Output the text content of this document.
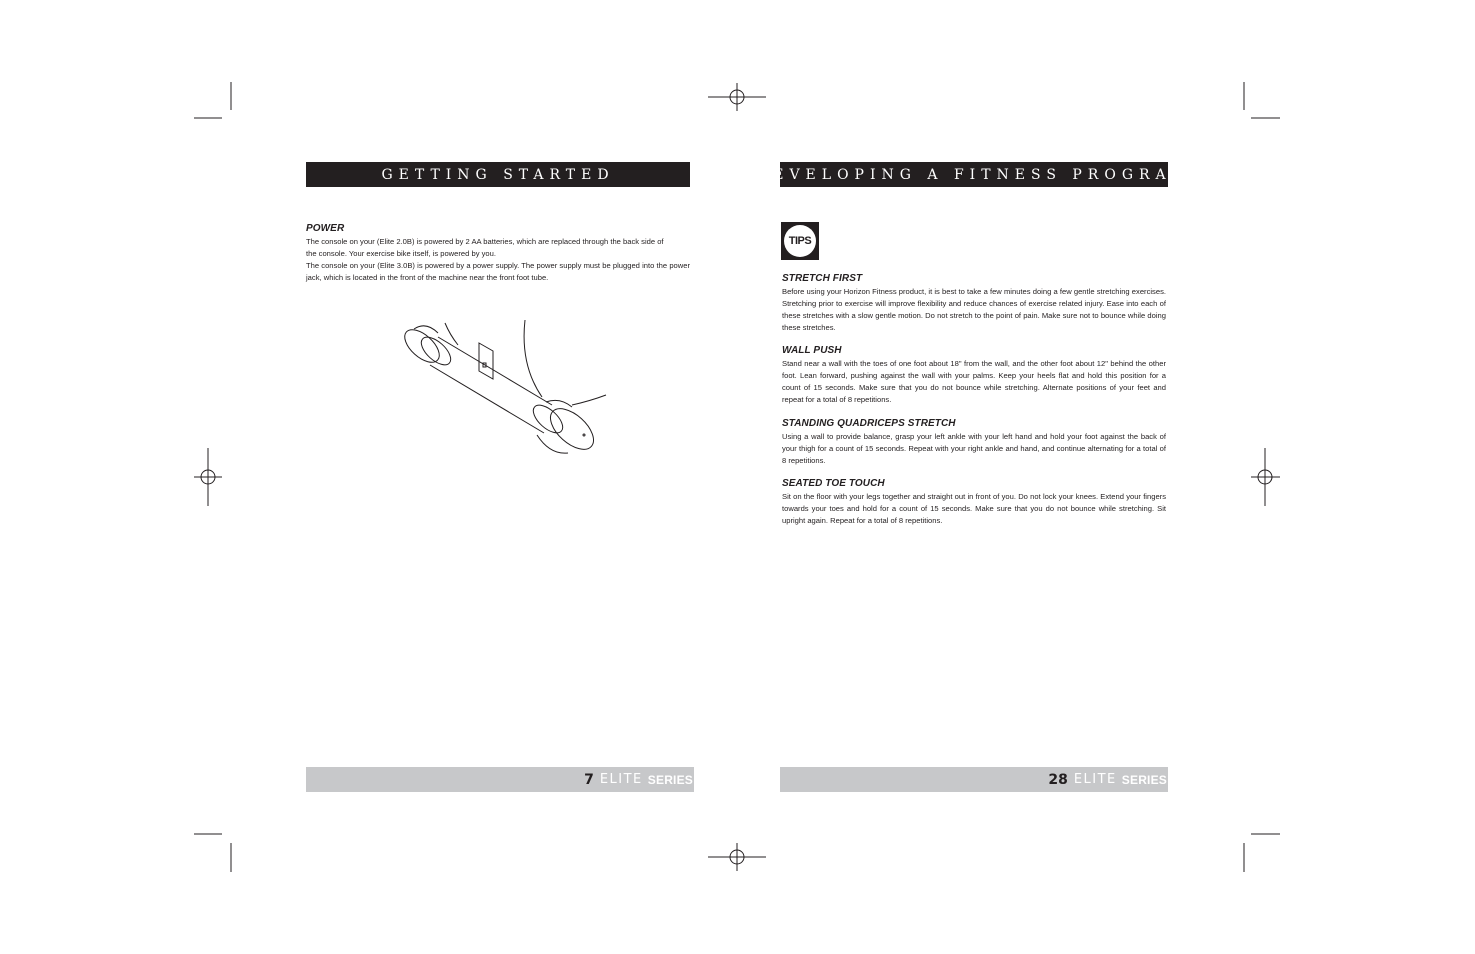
GETTING STARTED
POWER

The console on your (Elite 2.0B) is powered by 2 AA batteries, which are replaced through the back side of the console. Your exercise bike itself, is powered by you.

The console on your (Elite 3.0B) is powered by a power supply. The power supply must be plugged into the power jack, which is located in the front of the machine near the front foot tube.

7 ELITE SERIES
DEVELOPING A FITNESS PROGRAM
TIPS
STRETCH FIRST
Before using your Horizon Fitness product, it is best to take a few minutes doing a few gentle stretching exercises. Stretching prior to exercise will improve flexibility and reduce chances of exercise related injury. Ease into each of these stretches with a slow gentle motion. Do not stretch to the point of pain. Make sure not to bounce while doing these stretches.
WALL PUSH
Stand near a wall with the toes of one foot about 18" from the wall, and the other foot about 12" behind the other foot. Lean forward, pushing against the wall with your palms. Keep your heels flat and hold this position for a count of 15 seconds. Make sure that you do not bounce while stretching. Alternate positions of your feet and repeat for a total of 8 repetitions.
STANDING QUADRICEPS STRETCH
Using a wall to provide balance, grasp your left ankle with your left hand and hold your foot against the back of your thigh for a count of 15 seconds. Repeat with your right ankle and hand, and continue alternating for a total of 8 repetitions.
SEATED TOE TOUCH
Sit on the floor with your legs together and straight out in front of you. Do not lock your knees. Extend your fingers towards your toes and hold for a count of 15 seconds. Make sure that you do not bounce while stretching. Sit upright again. Repeat for a total of 8 repetitions.
28 ELITE SERIES
